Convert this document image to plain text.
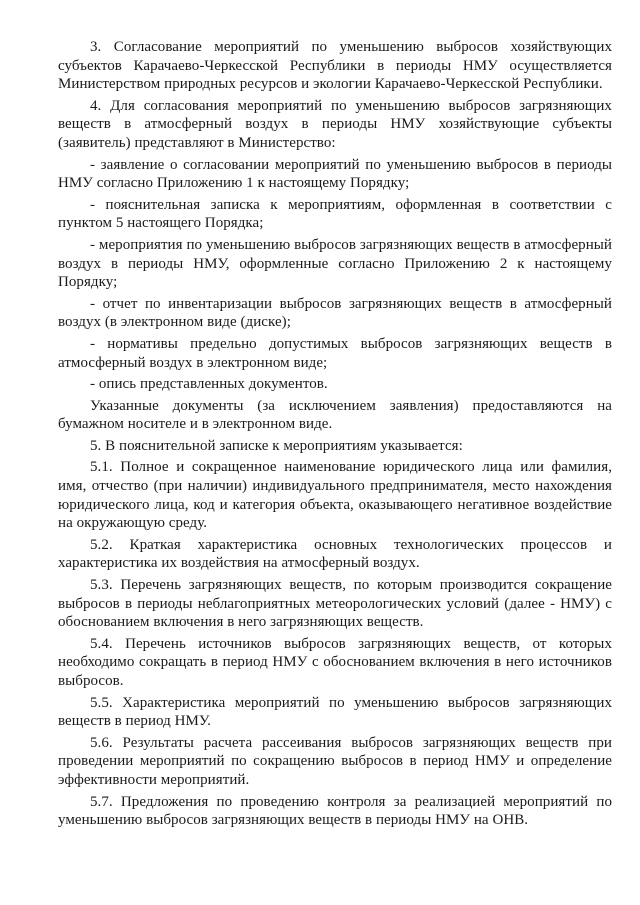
3. Согласование мероприятий по уменьшению выбросов хозяйствующих субъектов Карачаево-Черкесской Республики в периоды НМУ осуществляется Министерством природных ресурсов и экологии Карачаево-Черкесской Республики.

4. Для согласования мероприятий по уменьшению выбросов загрязняющих веществ в атмосферный воздух в периоды НМУ хозяйствующие субъекты (заявитель) представляют в Министерство:

- заявление о согласовании мероприятий по уменьшению выбросов в периоды НМУ согласно Приложению 1 к настоящему Порядку;

- пояснительная записка к мероприятиям, оформленная в соответствии с пунктом 5 настоящего Порядка;

- мероприятия по уменьшению выбросов загрязняющих веществ в атмосферный воздух в периоды НМУ, оформленные согласно Приложению 2 к настоящему Порядку;

- отчет по инвентаризации выбросов загрязняющих веществ в атмосферный воздух (в электронном виде (диске);

- нормативы предельно допустимых выбросов загрязняющих веществ в атмосферный воздух в электронном виде;

- опись представленных документов.

Указанные документы (за исключением заявления) предоставляются на бумажном носителе и в электронном виде.

5. В пояснительной записке к мероприятиям указывается:

5.1. Полное и сокращенное наименование юридического лица или фамилия, имя, отчество (при наличии) индивидуального предпринимателя, место нахождения юридического лица, код и категория объекта, оказывающего негативное воздействие на окружающую среду.

5.2. Краткая характеристика основных технологических процессов и характеристика их воздействия на атмосферный воздух.

5.3. Перечень загрязняющих веществ, по которым производится сокращение выбросов в периоды неблагоприятных метеорологических условий (далее - НМУ) с обоснованием включения в него загрязняющих веществ.

5.4. Перечень источников выбросов загрязняющих веществ, от которых необходимо сокращать в период НМУ с обоснованием включения в него источников выбросов.

5.5. Характеристика мероприятий по уменьшению выбросов загрязняющих веществ в период НМУ.

5.6. Результаты расчета рассеивания выбросов загрязняющих веществ при проведении мероприятий по сокращению выбросов в период НМУ и определение эффективности мероприятий.

5.7. Предложения по проведению контроля за реализацией мероприятий по уменьшению выбросов загрязняющих веществ в периоды НМУ на ОНВ.
